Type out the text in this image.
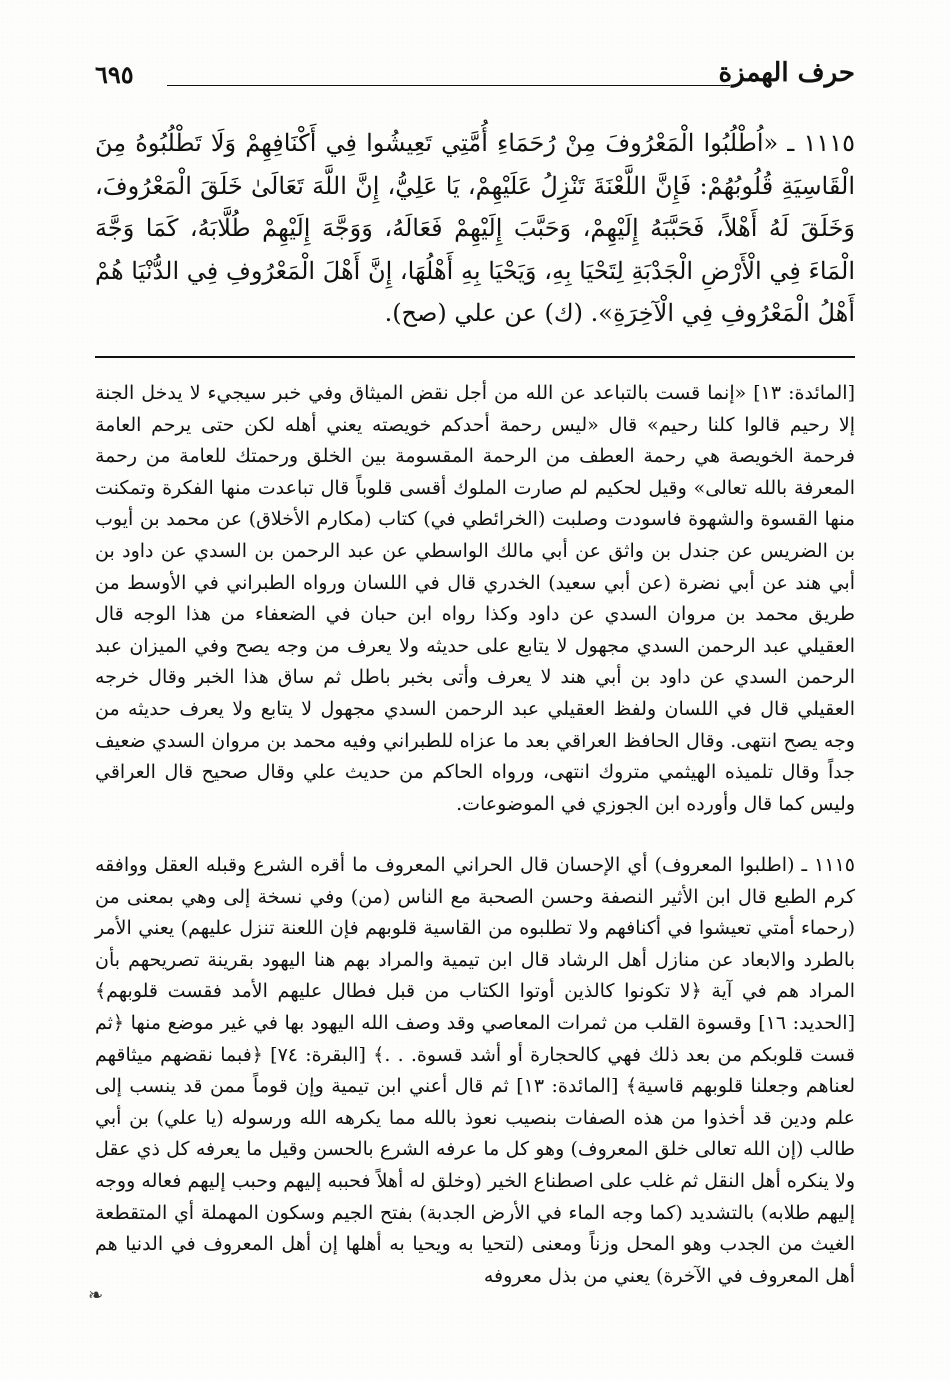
حرف الهمزة
٦٩٥

١١١٥ ـ «اُطْلُبُوا الْمَعْرُوفَ مِنْ رُحَمَاءِ أُمَّتِي تَعِيشُوا فِي أَكْنَافِهِمْ وَلَا تَطْلُبُوهُ مِنَ الْقَاسِيَةِ قُلُوبُهُمْ: فَإِنَّ اللَّعْنَةَ تَنْزِلُ عَلَيْهِمْ، يَا عَلِيُّ، إِنَّ اللَّهَ تَعَالَىٰ خَلَقَ الْمَعْرُوفَ، وَخَلَقَ لَهُ أَهْلاً، فَحَبَّبَهُ إِلَيْهِمْ، وَحَبَّبَ إِلَيْهِمْ فَعَالَهُ، وَوَجَّهَ إِلَيْهِمْ طُلَّابَهُ، كَمَا وَجَّهَ الْمَاءَ فِي الْأَرْضِ الْجَدْبَةِ لِتَحْيَا بِهِ، وَيَحْيَا بِهِ أَهْلُهَا، إِنَّ أَهْلَ الْمَعْرُوفِ فِي الدُّنْيَا هُمْ أَهْلُ الْمَعْرُوفِ فِي الْآخِرَةِ». (ك) عن علي (صح).

[المائدة: ١٣] «إنما قست بالتباعد عن الله من أجل نقض الميثاق وفي خبر سيجيء لا يدخل الجنة إلا رحيم قالوا كلنا رحيم» قال «ليس رحمة أحدكم خويصته يعني أهله لكن حتى يرحم العامة فرحمة الخويصة هي رحمة العطف من الرحمة المقسومة بين الخلق ورحمتك للعامة من رحمة المعرفة بالله تعالى» وقيل لحكيم لم صارت الملوك أقسى قلوباً قال تباعدت منها الفكرة وتمكنت منها القسوة والشهوة فاسودت وصلبت (الخرائطي في) كتاب (مكارم الأخلاق) عن محمد بن أيوب بن الضريس عن جندل بن واثق عن أبي مالك الواسطي عن عبد الرحمن بن السدي عن داود بن أبي هند عن أبي نضرة (عن أبي سعيد) الخدري قال في اللسان ورواه الطبراني في الأوسط من طريق محمد بن مروان السدي عن داود وكذا رواه ابن حبان في الضعفاء من هذا الوجه قال العقيلي عبد الرحمن السدي مجهول لا يتابع على حديثه ولا يعرف من وجه يصح وفي الميزان عبد الرحمن السدي عن داود بن أبي هند لا يعرف وأتى بخبر باطل ثم ساق هذا الخبر وقال خرجه العقيلي قال في اللسان ولفظ العقيلي عبد الرحمن السدي مجهول لا يتابع ولا يعرف حديثه من وجه يصح انتهى. وقال الحافظ العراقي بعد ما عزاه للطبراني وفيه محمد بن مروان السدي ضعيف جداً وقال تلميذه الهيثمي متروك انتهى، ورواه الحاكم من حديث علي وقال صحيح قال العراقي وليس كما قال وأورده ابن الجوزي في الموضوعات.

١١١٥ ـ (اطلبوا المعروف) أي الإحسان قال الحراني المعروف ما أقره الشرع وقبله العقل ووافقه كرم الطبع قال ابن الأثير النصفة وحسن الصحبة مع الناس (من) وفي نسخة إلى وهي بمعنى من (رحماء أمتي تعيشوا في أكنافهم ولا تطلبوه من القاسية قلوبهم فإن اللعنة تنزل عليهم) يعني الأمر بالطرد والابعاد عن منازل أهل الرشاد قال ابن تيمية والمراد بهم هنا اليهود بقرينة تصريحهم بأن المراد هم في آية ﴿لا تكونوا كالذين أوتوا الكتاب من قبل فطال عليهم الأمد فقست قلوبهم﴾ [الحديد: ١٦] وقسوة القلب من ثمرات المعاصي وقد وصف الله اليهود بها في غير موضع منها ﴿ثم قست قلوبكم من بعد ذلك فهي كالحجارة أو أشد قسوة. . .﴾ [البقرة: ٧٤] ﴿فبما نقضهم ميثاقهم لعناهم وجعلنا قلوبهم قاسية﴾ [المائدة: ١٣] ثم قال أعني ابن تيمية وإن قوماً ممن قد ينسب إلى علم ودين قد أخذوا من هذه الصفات بنصيب نعوذ بالله مما يكرهه الله ورسوله (يا علي) بن أبي طالب (إن الله تعالى خلق المعروف) وهو كل ما عرفه الشرع بالحسن وقيل ما يعرفه كل ذي عقل ولا ينكره أهل النقل ثم غلب على اصطناع الخير (وخلق له أهلاً فحببه إليهم وحبب إليهم فعاله ووجه إليهم طلابه) بالتشديد (كما وجه الماء في الأرض الجدبة) بفتح الجيم وسكون المهملة أي المتقطعة الغيث من الجدب وهو المحل وزناً ومعنى (لتحيا به ويحيا به أهلها إن أهل المعروف في الدنيا هم أهل المعروف في الآخرة) يعني من بذل معروفه

❧
